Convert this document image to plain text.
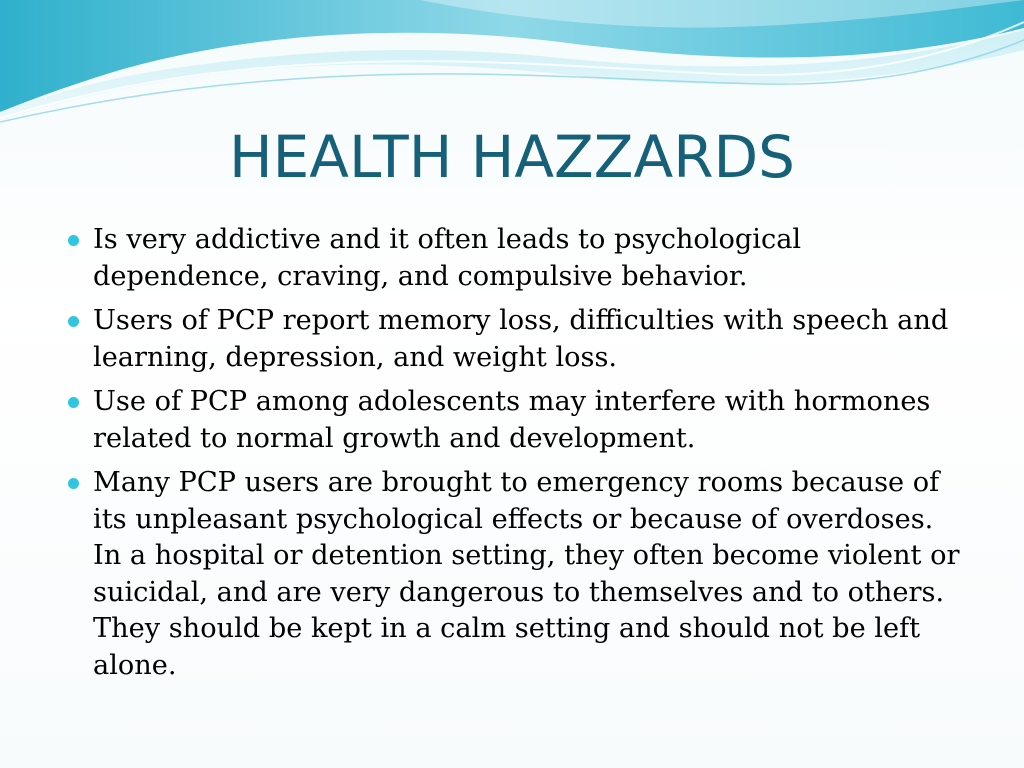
HEALTH HAZZARDS
Is very addictive and it often leads to psychological dependence, craving, and compulsive behavior.
Users of PCP report memory loss, difficulties with speech and learning, depression, and weight loss.
Use of PCP among adolescents may interfere with hormones related to normal growth and development.
Many PCP users are brought to emergency rooms because of its unpleasant psychological effects or because of overdoses. In a hospital or detention setting, they often become violent or suicidal, and are very dangerous to themselves and to others. They should be kept in a calm setting and should not be left alone.
